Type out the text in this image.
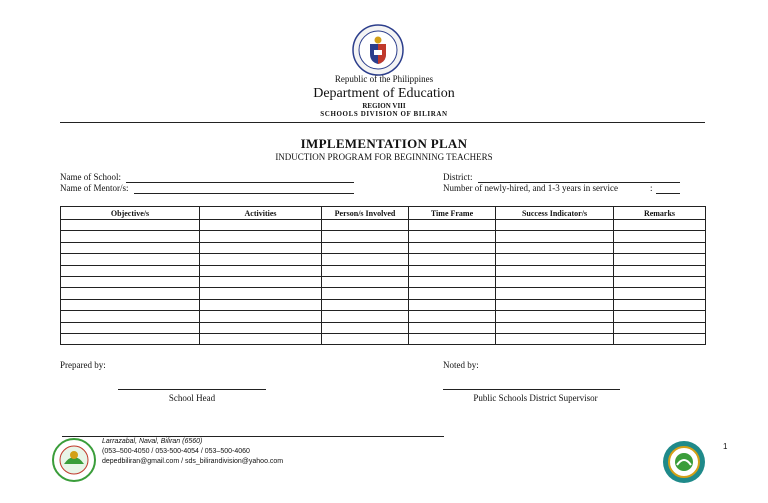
Republic of the Philippines
Department of Education
REGION VIII
SCHOOLS DIVISION OF BILIRAN
IMPLEMENTATION PLAN
INDUCTION PROGRAM FOR BEGINNING TEACHERS
Name of School:
Name of Mentor/s:
District:
Number of newly-hired, and 1-3 years in service	:
Objective/s	Activities	Person/s Involved	Time Frame	Success Indicator/s	Remarks

Prepared by:
School Head
Noted by:
Public Schools District Supervisor
Larrazabal, Naval, Biliran (6560)
(053–500-4050 / 053-500-4054 / 053–500-4060
depedbiliran@gmail.com / sds_bilirandivision@yahoo.com
1
